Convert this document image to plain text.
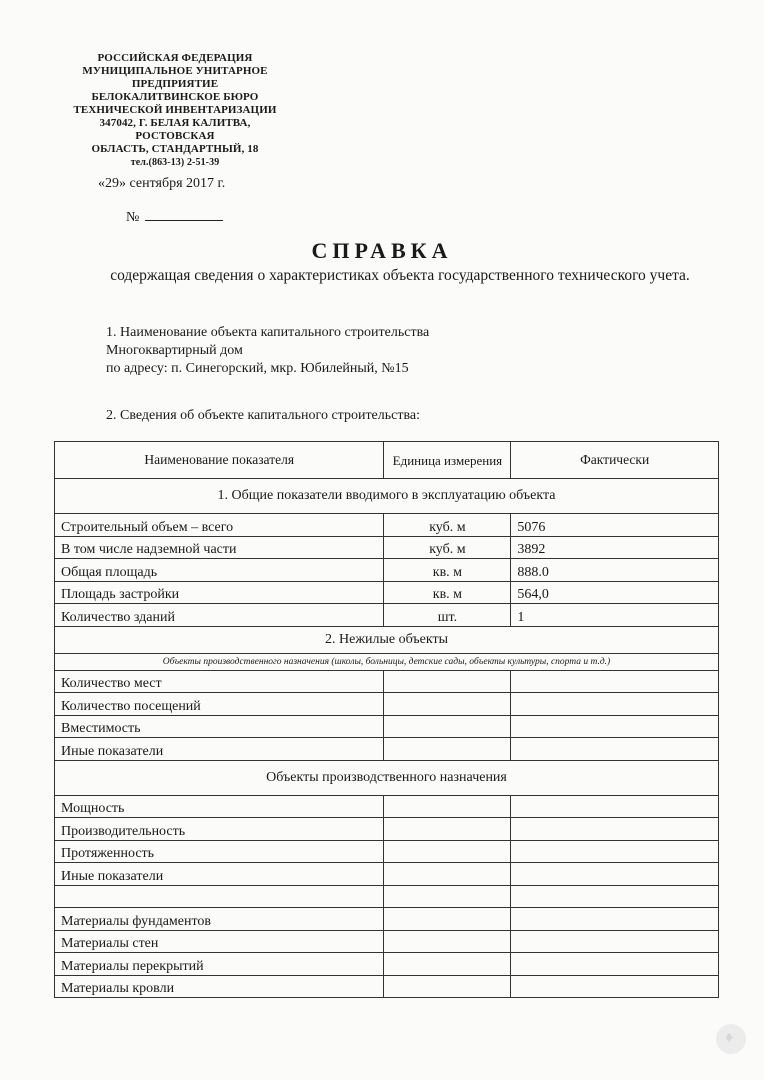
РОССИЙСКАЯ ФЕДЕРАЦИЯ
МУНИЦИПАЛЬНОЕ УНИТАРНОЕ
ПРЕДПРИЯТИЕ
БЕЛОКАЛИТВИНСКОЕ БЮРО
ТЕХНИЧЕСКОЙ ИНВЕНТАРИЗАЦИИ
347042, Г. БЕЛАЯ КАЛИТВА,
РОСТОВСКАЯ
ОБЛАСТЬ, СТАНДАРТНЫЙ, 18
тел.(863-13) 2-51-39
«29» сентября 2017 г.
№
СПРАВКА
содержащая сведения о характеристиках объекта государственного технического учета.
1. Наименование объекта капитального строительства
Многоквартирный дом
по адресу: п. Синегорский, мкр. Юбилейный, №15
2. Сведения об объекте капитального строительства:
Наименование показателя	Единица измерения	Фактически
1. Общие показатели вводимого в эксплуатацию объекта		
Строительный объем – всего	куб. м	5076
В том числе надземной части	куб. м	3892
Общая площадь	кв. м	888.0
Площадь застройки	кв. м	564,0
Количество зданий	шт.	1
2. Нежилые объекты		
Объекты производственного назначения (школы, больницы, детские сады, объекты культуры, спорта и т.д.)		
Количество мест		
Количество посещений		
Вместимость		
Иные показатели		
Объекты производственного назначения		
Мощность		
Производительность		
Протяженность		
Иные показатели		

Материалы фундаментов		
Материалы стен		
Материалы перекрытий		
Материалы кровли		
♦
